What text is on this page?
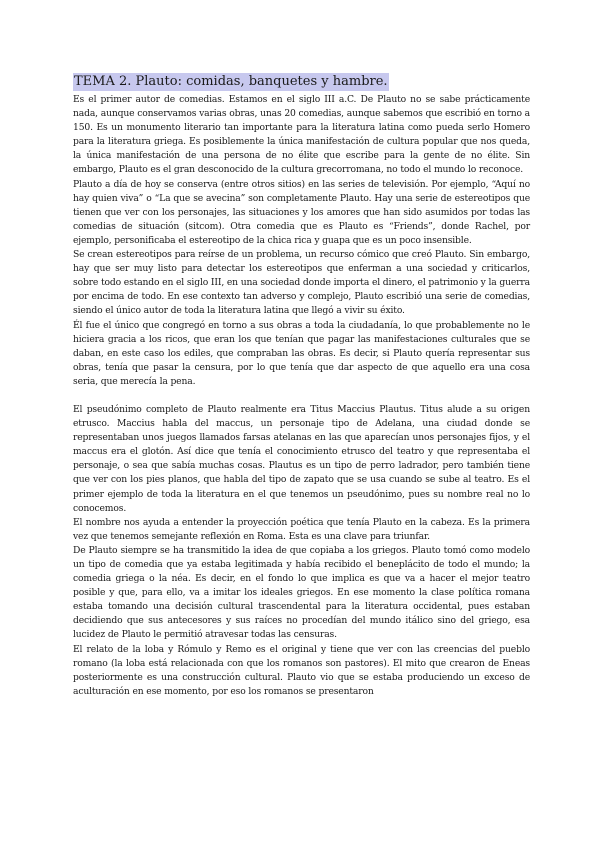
TEMA 2. Plauto: comidas, banquetes y hambre.

Es el primer autor de comedias. Estamos en el siglo III a.C. De Plauto no se sabe prácticamente nada, aunque conservamos varias obras, unas 20 comedias, aunque sabemos que escribió en torno a 150. Es un monumento literario tan importante para la literatura latina como pueda serlo Homero para la literatura griega. Es posiblemente la única manifestación de cultura popular que nos queda, la única manifestación de una persona de no élite que escribe para la gente de no élite. Sin embargo, Plauto es el gran desconocido de la cultura grecorromana, no todo el mundo lo reconoce.

Plauto a día de hoy se conserva (entre otros sitios) en las series de televisión. Por ejemplo, “Aquí no hay quien viva” o “La que se avecina” son completamente Plauto. Hay una serie de estereotipos que tienen que ver con los personajes, las situaciones y los amores que han sido asumidos por todas las comedias de situación (sitcom). Otra comedia que es Plauto es “Friends”, donde Rachel, por ejemplo, personificaba el estereotipo de la chica rica y guapa que es un poco insensible.

Se crean estereotipos para reírse de un problema, un recurso cómico que creó Plauto. Sin embargo, hay que ser muy listo para detectar los estereotipos que enferman a una sociedad y criticarlos, sobre todo estando en el siglo III, en una sociedad donde importa el dinero, el patrimonio y la guerra por encima de todo. En ese contexto tan adverso y complejo, Plauto escribió una serie de comedias, siendo el único autor de toda la literatura latina que llegó a vivir su éxito.

Él fue el único que congregó en torno a sus obras a toda la ciudadanía, lo que probablemente no le hiciera gracia a los ricos, que eran los que tenían que pagar las manifestaciones culturales que se daban, en este caso los ediles, que compraban las obras. Es decir, si Plauto quería representar sus obras, tenía que pasar la censura, por lo que tenía que dar aspecto de que aquello era una cosa seria, que merecía la pena.

El pseudónimo completo de Plauto realmente era Titus Maccius Plautus. Titus alude a su origen etrusco. Maccius habla del maccus, un personaje tipo de Adelana, una ciudad donde se representaban unos juegos llamados farsas atelanas en las que aparecían unos personajes fijos, y el maccus era el glotón. Así dice que tenía el conocimiento etrusco del teatro y que representaba el personaje, o sea que sabía muchas cosas. Plautus es un tipo de perro ladrador, pero también tiene que ver con los pies planos, que habla del tipo de zapato que se usa cuando se sube al teatro. Es el primer ejemplo de toda la literatura en el que tenemos un pseudónimo, pues su nombre real no lo conocemos.

El nombre nos ayuda a entender la proyección poética que tenía Plauto en la cabeza. Es la primera vez que tenemos semejante reflexión en Roma. Esta es una clave para triunfar.

De Plauto siempre se ha transmitido la idea de que copiaba a los griegos. Plauto tomó como modelo un tipo de comedia que ya estaba legitimada y había recibido el beneplácito de todo el mundo; la comedia griega o la néa. Es decir, en el fondo lo que implica es que va a hacer el mejor teatro posible y que, para ello, va a imitar los ideales griegos. En ese momento la clase política romana estaba tomando una decisión cultural trascendental para la literatura occidental, pues estaban decidiendo que sus antecesores y sus raíces no procedían del mundo itálico sino del griego, esa lucidez de Plauto le permitió atravesar todas las censuras.

El relato de la loba y Rómulo y Remo es el original y tiene que ver con las creencias del pueblo romano (la loba está relacionada con que los romanos son pastores). El mito que crearon de Eneas posteriormente es una construcción cultural. Plauto vio que se estaba produciendo un exceso de aculturación en ese momento, por eso los romanos se presentaron
